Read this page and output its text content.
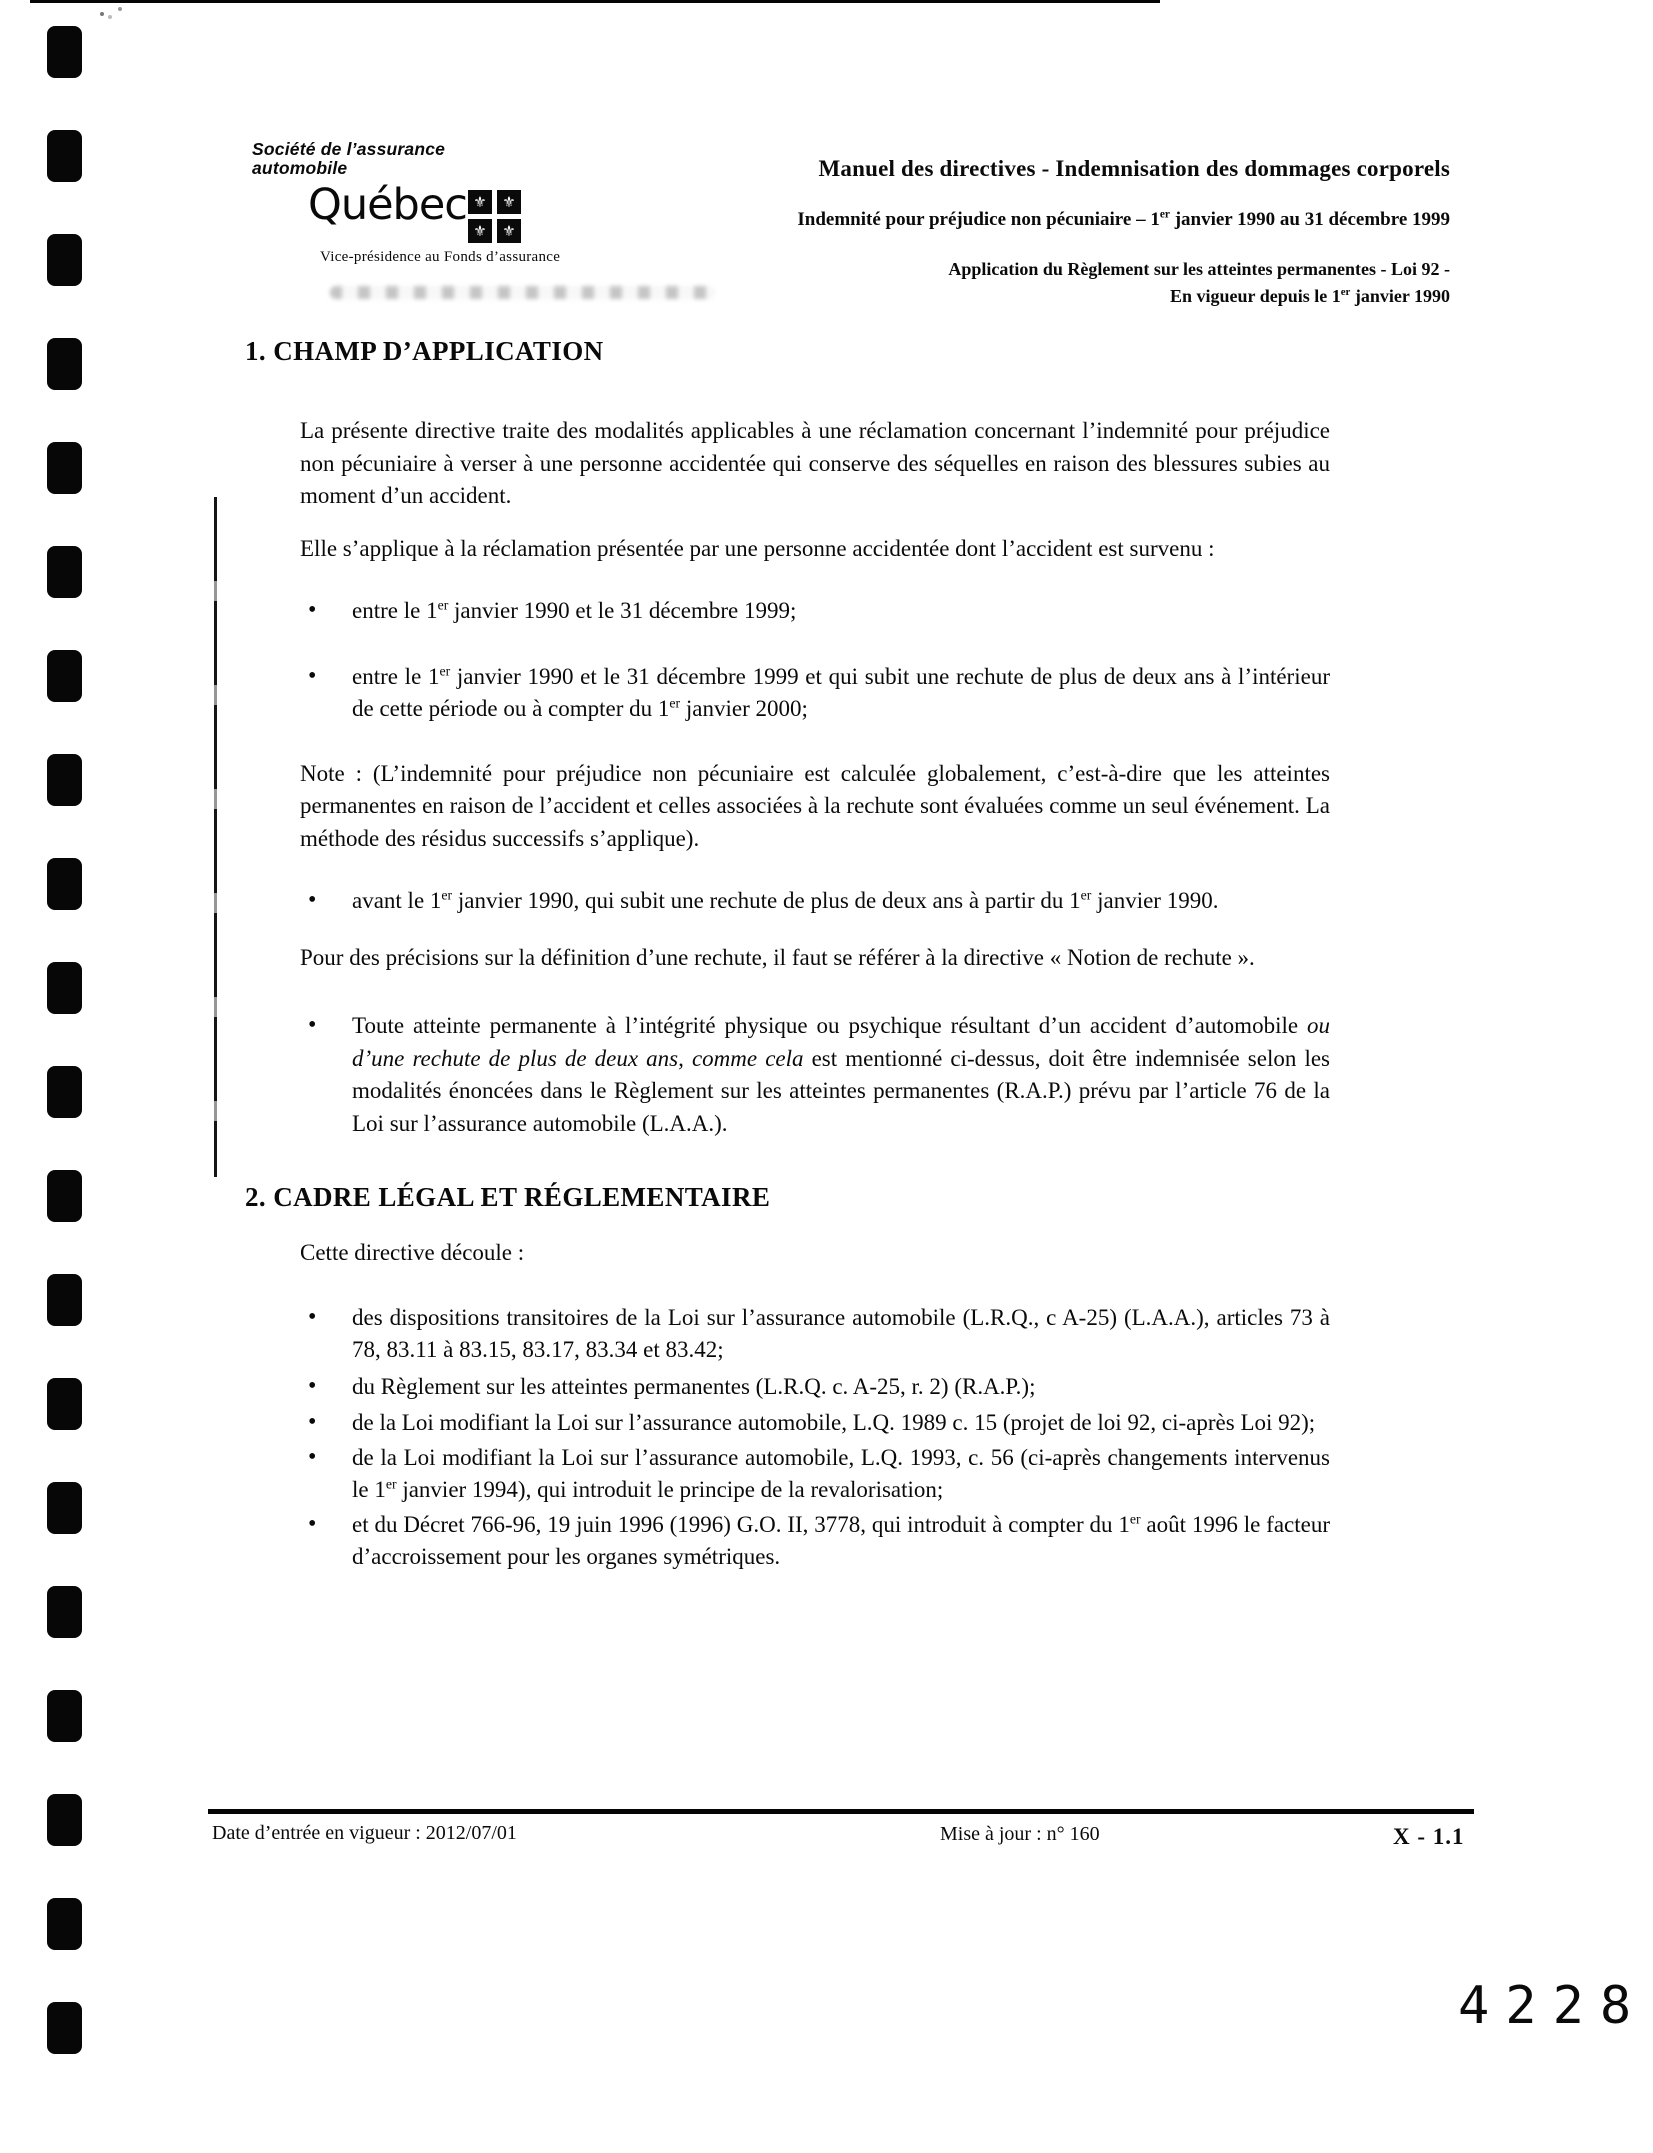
Société de l’assurance
automobile
Québec ⚜	⚜
⚜	⚜
Vice-présidence au Fonds d’assurance
Manuel des directives - Indemnisation des dommages corporels
Indemnité pour préjudice non pécuniaire – 1er janvier 1990 au 31 décembre 1999
Application du Règlement sur les atteintes permanentes - Loi 92 -
En vigueur depuis le 1er janvier 1990
1. CHAMP D’APPLICATION

La présente directive traite des modalités applicables à une réclamation concernant l’indemnité pour préjudice non pécuniaire à verser à une personne accidentée qui conserve des séquelles en raison des blessures subies au moment d’un accident.

Elle s’applique à la réclamation présentée par une personne accidentée dont l’accident est survenu :

• entre le 1er janvier 1990 et le 31 décembre 1999;
• entre le 1er janvier 1990 et le 31 décembre 1999 et qui subit une rechute de plus de deux ans à l’intérieur de cette période ou à compter du 1er janvier 2000;

Note : (L’indemnité pour préjudice non pécuniaire est calculée globalement, c’est-à-dire que les atteintes permanentes en raison de l’accident et celles associées à la rechute sont évaluées comme un seul événement. La méthode des résidus successifs s’applique).

• avant le 1er janvier 1990, qui subit une rechute de plus de deux ans à partir du 1er janvier 1990.

Pour des précisions sur la définition d’une rechute, il faut se référer à la directive « Notion de rechute ».

• Toute atteinte permanente à l’intégrité physique ou psychique résultant d’un accident d’automobile ou d’une rechute de plus de deux ans, comme cela est mentionné ci-dessus, doit être indemnisée selon les modalités énoncées dans le Règlement sur les atteintes permanentes (R.A.P.) prévu par l’article 76 de la Loi sur l’assurance automobile (L.A.A.).
2. CADRE LÉGAL ET RÉGLEMENTAIRE

Cette directive découle :

• des dispositions transitoires de la Loi sur l’assurance automobile (L.R.Q., c A-25) (L.A.A.), articles 73 à 78, 83.11 à 83.15, 83.17, 83.34 et 83.42;
• du Règlement sur les atteintes permanentes (L.R.Q. c. A-25, r. 2) (R.A.P.);
• de la Loi modifiant la Loi sur l’assurance automobile, L.Q. 1989 c. 15 (projet de loi 92, ci-après Loi 92);
• de la Loi modifiant la Loi sur l’assurance automobile, L.Q. 1993, c. 56 (ci-après changements intervenus le 1er janvier 1994), qui introduit le principe de la revalorisation;
• et du Décret 766-96, 19 juin 1996 (1996) G.O. II, 3778, qui introduit à compter du 1er août 1996 le facteur d’accroissement pour les organes symétriques.
Date d’entrée en vigueur : 2012/07/01	Mise à jour : n° 160	X - 1.1
4228
